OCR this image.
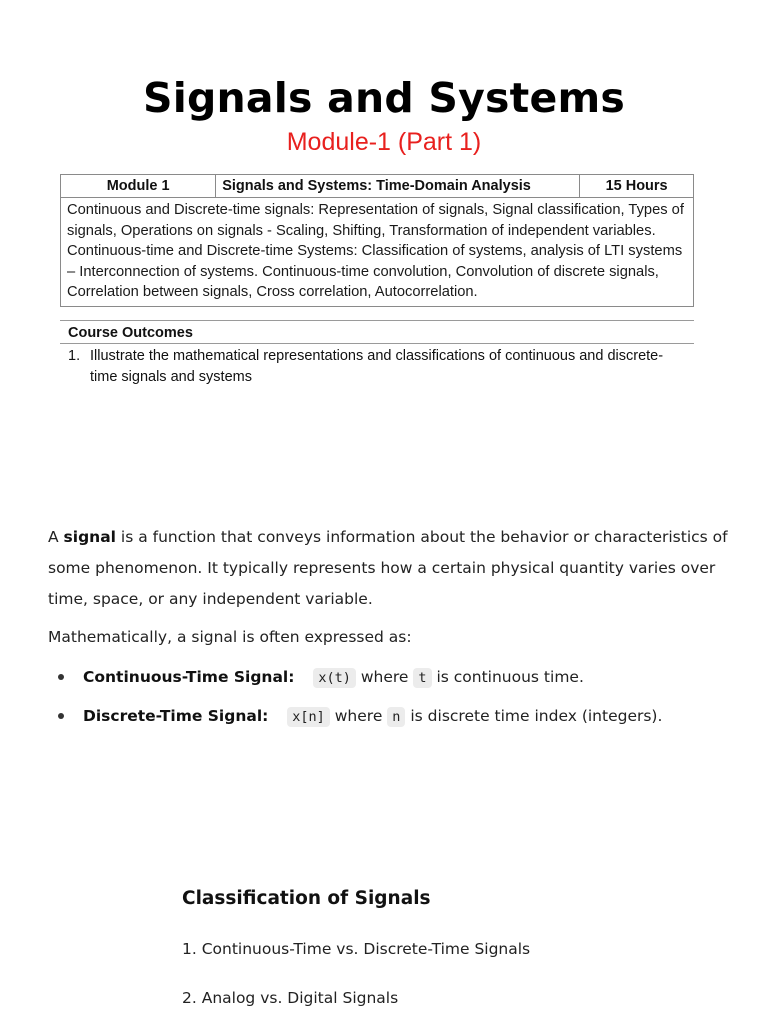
Signals and Systems
Module-1 (Part 1)
Module 1	Signals and Systems: Time-Domain Analysis	15 Hours
Continuous and Discrete-time signals: Representation of signals, Signal classification, Types of signals, Operations on signals - Scaling, Shifting, Transformation of independent variables. Continuous-time and Discrete-time Systems: Classification of systems, analysis of LTI systems – Interconnection of systems. Continuous-time convolution, Convolution of discrete signals, Correlation between signals, Cross correlation, Autocorrelation.
Course Outcomes
1. Illustrate the mathematical representations and classifications of continuous and discrete-time signals and systems

A signal is a function that conveys information about the behavior or characteristics of some phenomenon. It typically represents how a certain physical quantity varies over time, space, or any independent variable.

Mathematically, a signal is often expressed as:

Continuous-Time Signal: x(t) where t is continuous time.
Discrete-Time Signal: x[n] where n is discrete time index (integers).
Classification of Signals

1. Continuous-Time vs. Discrete-Time Signals

2. Analog vs. Digital Signals
